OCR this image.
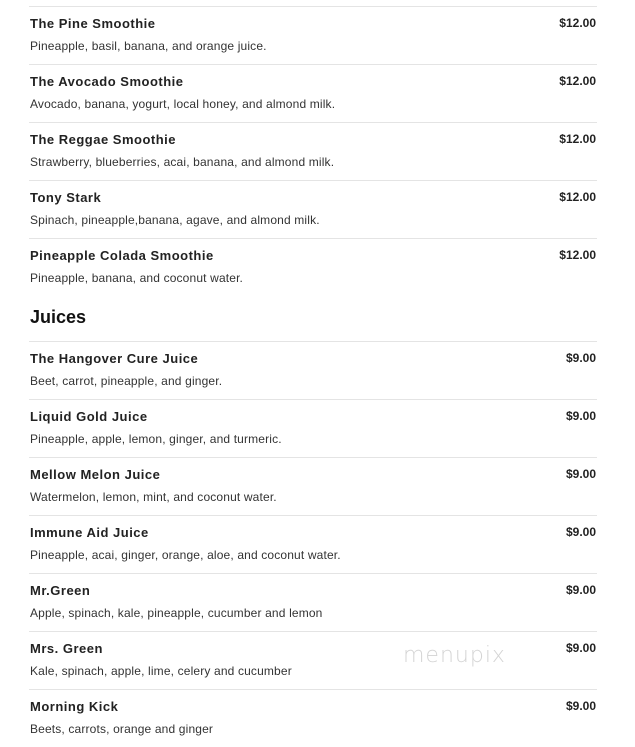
The Pine Smoothie	$12.00
Pineapple, basil, banana, and orange juice.
The Avocado Smoothie	$12.00
Avocado, banana, yogurt, local honey, and almond milk.
The Reggae Smoothie	$12.00
Strawberry, blueberries, acai, banana, and almond milk.
Tony Stark	$12.00
Spinach, pineapple,banana, agave, and almond milk.
Pineapple Colada Smoothie	$12.00
Pineapple, banana, and coconut water.
Juices
The Hangover Cure Juice	$9.00
Beet, carrot, pineapple, and ginger.
Liquid Gold Juice	$9.00
Pineapple, apple, lemon, ginger, and turmeric.
Mellow Melon Juice	$9.00
Watermelon, lemon, mint, and coconut water.
Immune Aid Juice	$9.00
Pineapple, acai, ginger, orange, aloe, and coconut water.
Mr.Green	$9.00
Apple, spinach, kale, pineapple, cucumber and lemon
Mrs. Green	$9.00
Kale, spinach, apple, lime, celery and cucumber
Morning Kick	$9.00
Beets, carrots, orange and ginger
menupix
